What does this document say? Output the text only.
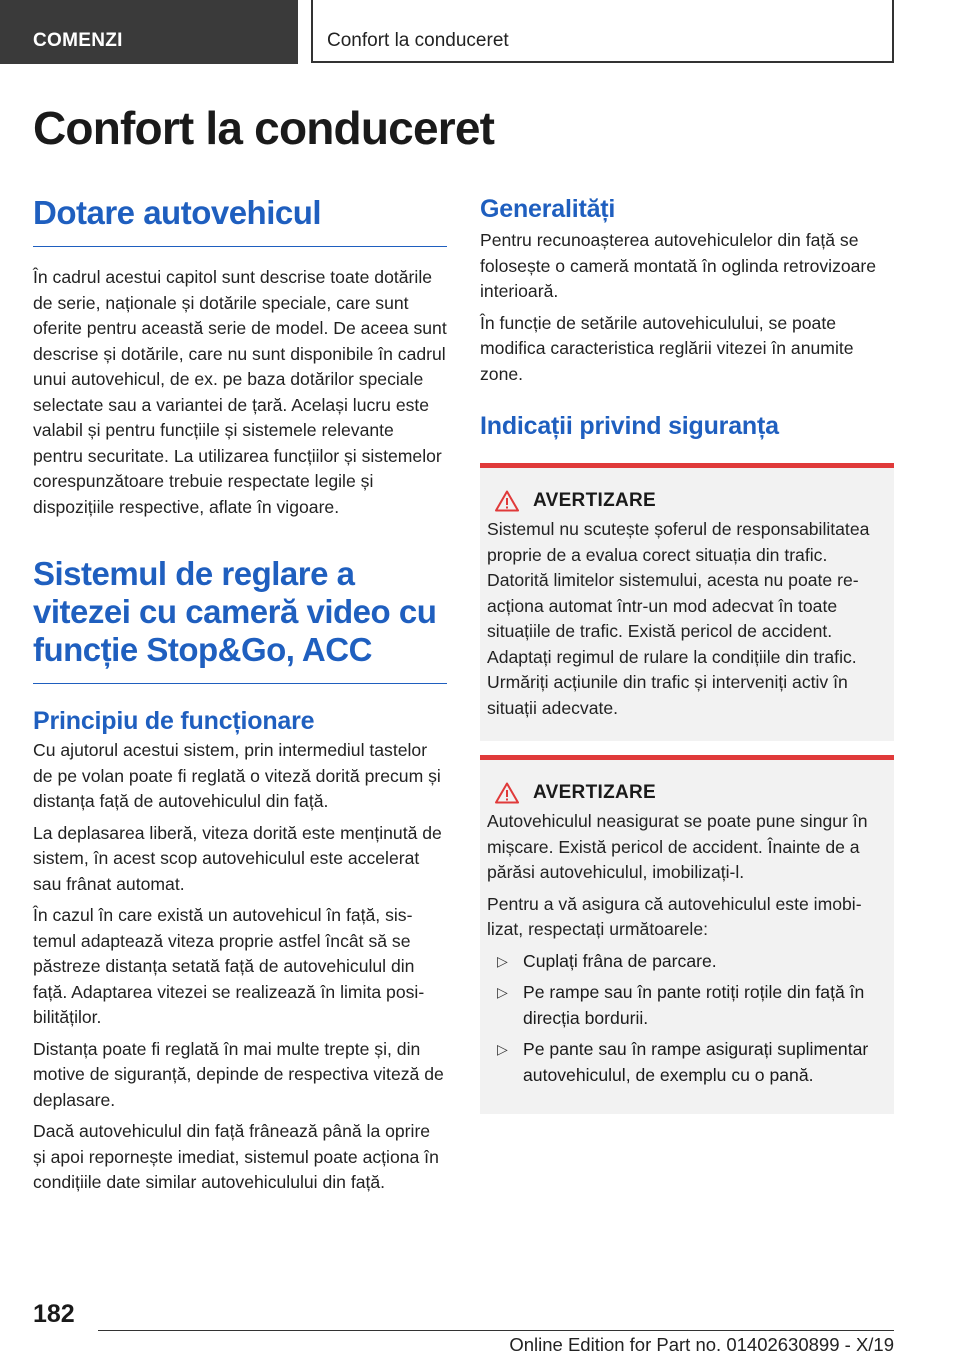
COMENZI	Confort la conduceret
Confort la conduceret
Dotare autovehicul

În cadrul acestui capitol sunt descrise toate dotările de serie, naționale și dotările speciale, care sunt oferite pentru această serie de model. De aceea sunt descrise și dotările, care nu sunt disponibile în cadrul unui autovehicul, de ex. pe baza dotărilor speciale selectate sau a variantei de țară. Același lucru este valabil și pentru funcțiile și sistemele relevante pentru securitate. La utilizarea funcțiilor și sistemelor corespunzătoare trebuie respectate legile și dispozițiile respective, aflate în vigoare.

Sistemul de reglare a vitezei cu cameră video cu funcție Stop&Go, ACC
Principiu de funcționare

Cu ajutorul acestui sistem, prin intermediul tastelor de pe volan poate fi reglată o viteză dorită precum și distanța față de autovehiculul din față.

La deplasarea liberă, viteza dorită este menținută de sistem, în acest scop autovehiculul este accelerat sau frânat automat.

În cazul în care există un autovehicul în față, sistemul adaptează viteza proprie astfel încât să se păstreze distanța setată față de autovehiculul din față. Adaptarea vitezei se realizează în limita posibilităților.

Distanța poate fi reglată în mai multe trepte și, din motive de siguranță, depinde de respectiva viteză de deplasare.

Dacă autovehiculul din față frânează până la oprire și apoi repornește imediat, sistemul poate acționa în condițiile date similar autovehiculului din față.

Generalități

Pentru recunoașterea autovehiculelor din față se folosește o cameră montată în oglinda retrovizoare interioară.

În funcție de setările autovehiculului, se poate modifica caracteristica reglării vitezei în anumite zone.

Indicații privind siguranța
AVERTIZARE

Sistemul nu scutește șoferul de responsabilitatea proprie de a evalua corect situația din trafic. Datorită limitelor sistemului, acesta nu poate reacționa automat într-un mod adecvat în toate situațiile de trafic. Există pericol de accident. Adaptați regimul de rulare la condițiile din trafic. Urmăriți acțiunile din trafic și interveniți activ în situații adecvate.

AVERTIZARE

Autovehiculul neasigurat se poate pune singur în mișcare. Există pericol de accident. Înainte de a părăsi autovehiculul, imobilizați-l.

Pentru a vă asigura că autovehiculul este imobilizat, respectați următoarele:

▷ Cuplați frâna de parcare.
▷ Pe rampe sau în pante rotiți roțile din față în direcția bordurii.
▷ Pe pante sau în rampe asigurați suplimentar autovehiculul, de exemplu cu o pană.
182
Online Edition for Part no. 01402630899 - X/19
